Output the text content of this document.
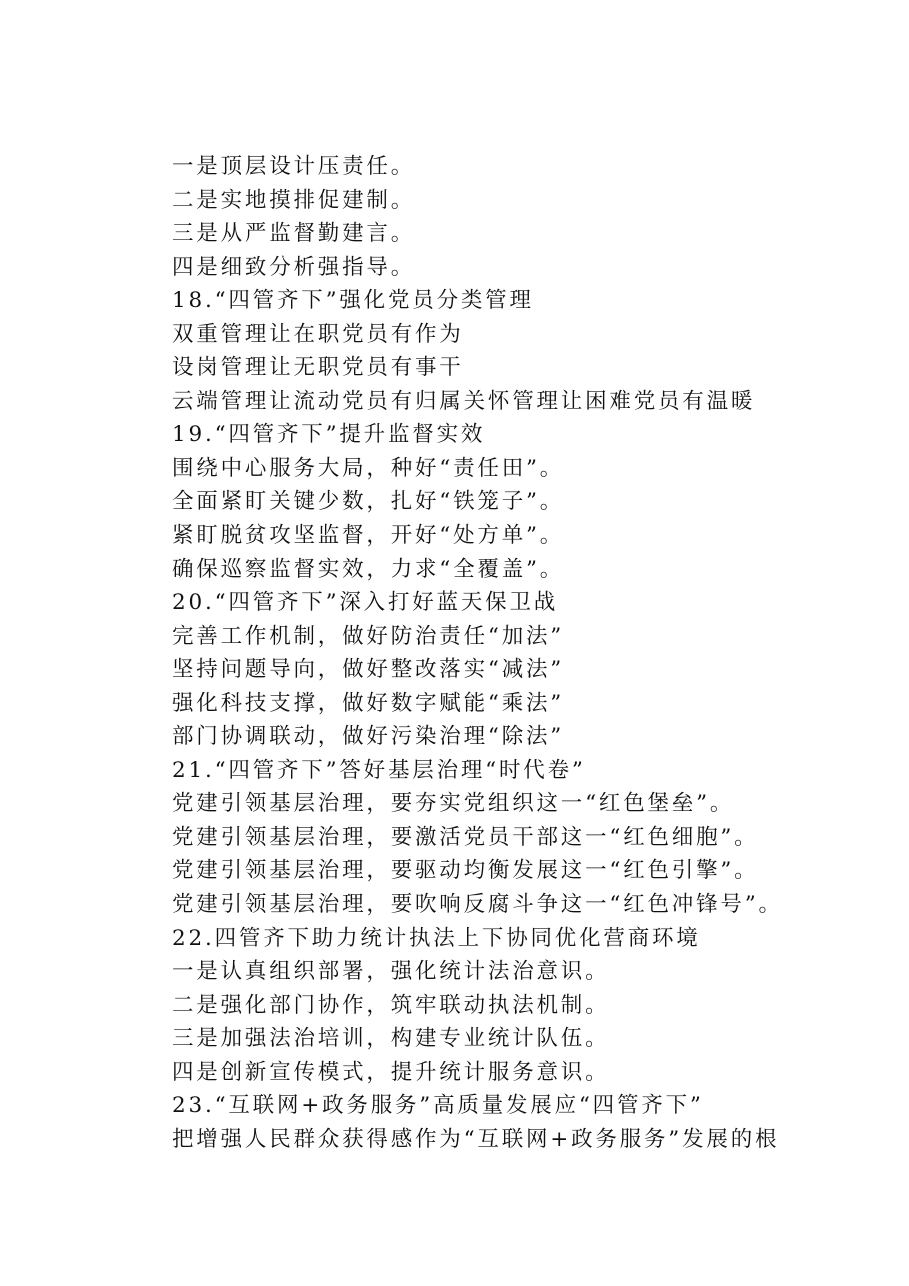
一是顶层设计压责任。
二是实地摸排促建制。
三是从严监督勤建言。
四是细致分析强指导。
18.“四管齐下”强化党员分类管理
双重管理让在职党员有作为
设岗管理让无职党员有事干
云端管理让流动党员有归属关怀管理让困难党员有温暖
19.“四管齐下”提升监督实效
围绕中心服务大局，种好“责任田”。
全面紧盯关键少数，扎好“铁笼子”。
紧盯脱贫攻坚监督，开好“处方单”。
确保巡察监督实效，力求“全覆盖”。
20.“四管齐下”深入打好蓝天保卫战
完善工作机制，做好防治责任“加法”
坚持问题导向，做好整改落实“减法”
强化科技支撑，做好数字赋能“乘法”
部门协调联动，做好污染治理“除法”
21.“四管齐下”答好基层治理“时代卷”
党建引领基层治理，要夯实党组织这一“红色堡垒”。
党建引领基层治理，要激活党员干部这一“红色细胞”。
党建引领基层治理，要驱动均衡发展这一“红色引擎”。
党建引领基层治理，要吹响反腐斗争这一“红色冲锋号”。
22.四管齐下助力统计执法上下协同优化营商环境
一是认真组织部署，强化统计法治意识。
二是强化部门协作，筑牢联动执法机制。
三是加强法治培训，构建专业统计队伍。
四是创新宣传模式，提升统计服务意识。
23.“互联网+政务服务”高质量发展应“四管齐下”
把增强人民群众获得感作为“互联网+政务服务”发展的根
